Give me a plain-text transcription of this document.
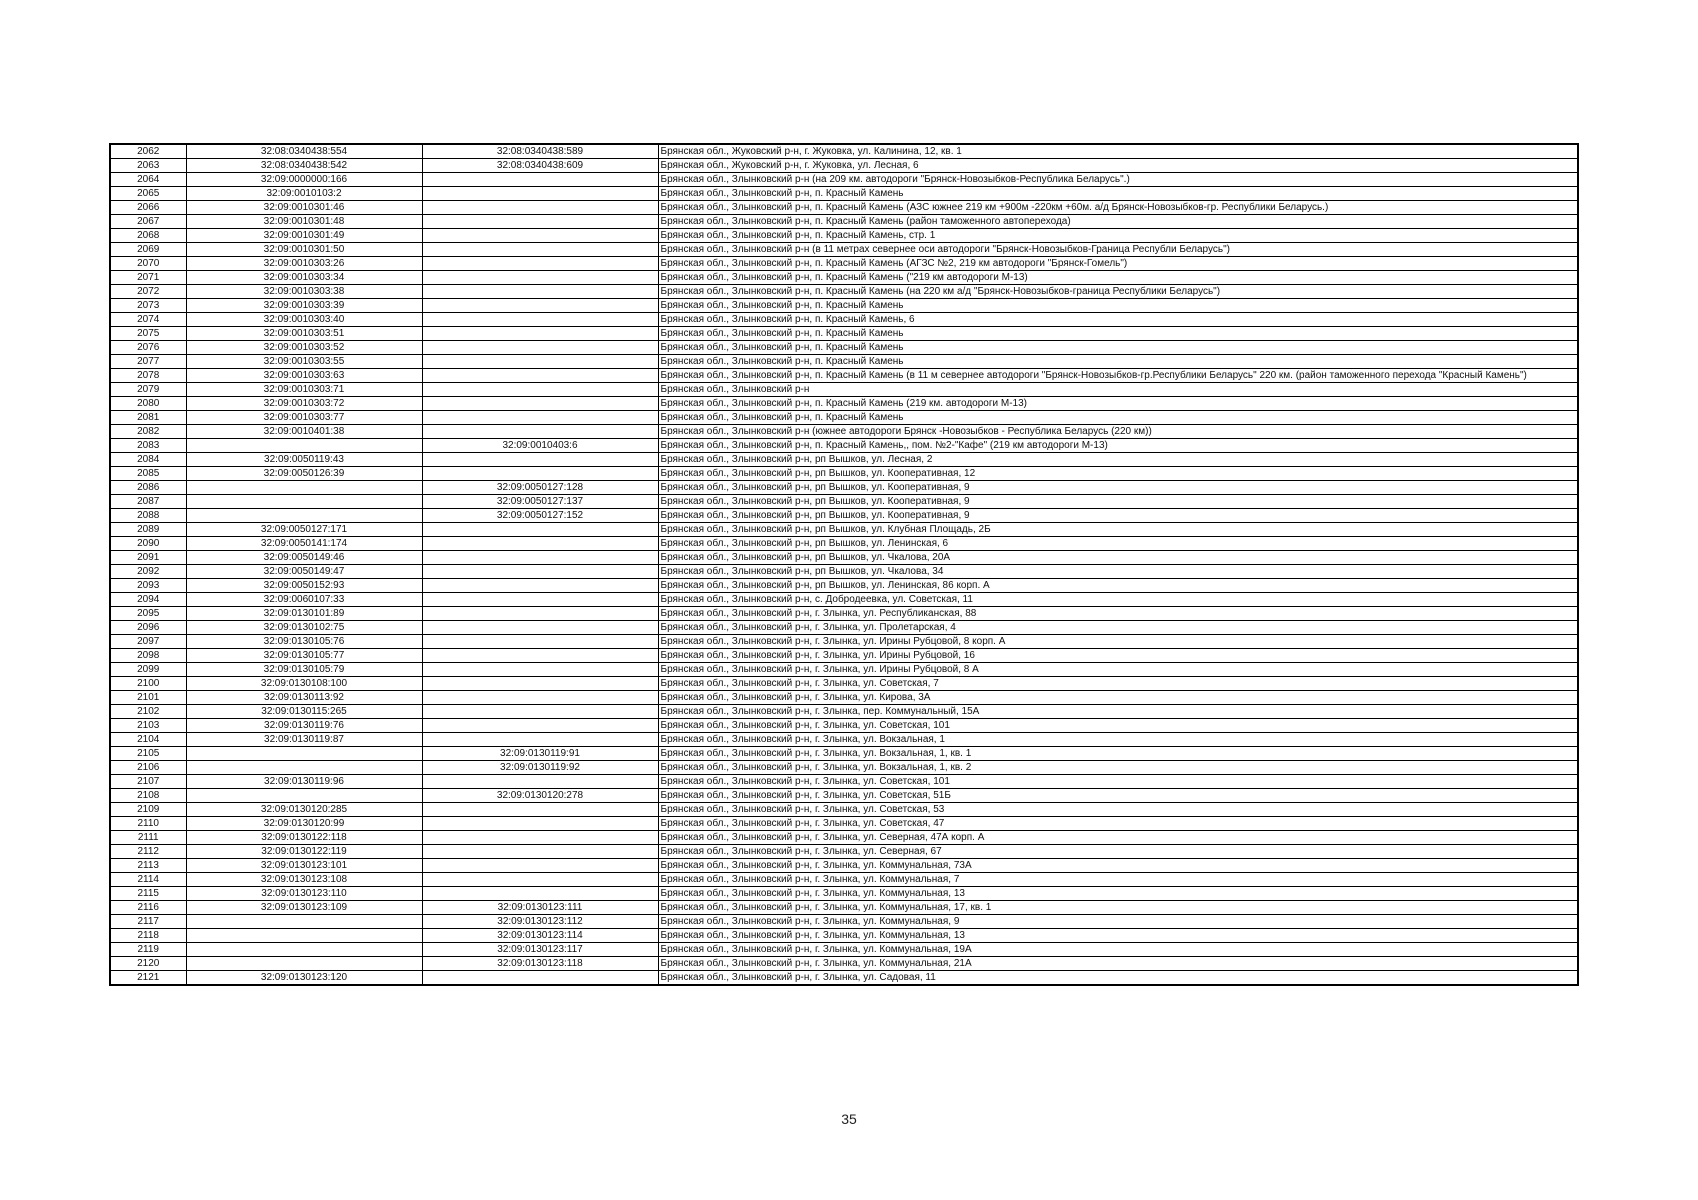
2062	32:08:0340438:554	32:08:0340438:589	Брянская обл., Жуковский р-н, г. Жуковка, ул. Калинина, 12, кв. 1
2063	32:08:0340438:542	32:08:0340438:609	Брянская обл., Жуковский р-н, г. Жуковка, ул. Лесная, 6
2064	32:09:0000000:166		Брянская обл., Злынковский р-н (на 209 км. автодороги "Брянск-Новозыбков-Республика Беларусь".)
2065	32:09:0010103:2		Брянская обл., Злынковский р-н, п. Красный Камень
2066	32:09:0010301:46		Брянская обл., Злынковский р-н, п. Красный Камень (АЗС южнее 219 км +900м -220км +60м. а/д Брянск-Новозыбков-гр. Республики Беларусь.)
2067	32:09:0010301:48		Брянская обл., Злынковский р-н, п. Красный Камень (район таможенного автоперехода)
2068	32:09:0010301:49		Брянская обл., Злынковский р-н, п. Красный Камень, стр. 1
2069	32:09:0010301:50		Брянская обл., Злынковский р-н (в 11 метрах севернее оси автодороги "Брянск-Новозыбков-Граница Республи Беларусь")
2070	32:09:0010303:26		Брянская обл., Злынковский р-н, п. Красный Камень (АГЗС №2, 219 км автодороги "Брянск-Гомель")
2071	32:09:0010303:34		Брянская обл., Злынковский р-н, п. Красный Камень ("219 км автодороги М-13)
2072	32:09:0010303:38		Брянская обл., Злынковский р-н, п. Красный Камень (на 220 км а/д "Брянск-Новозыбков-граница Республики Беларусь")
2073	32:09:0010303:39		Брянская обл., Злынковский р-н, п. Красный Камень
2074	32:09:0010303:40		Брянская обл., Злынковский р-н, п. Красный Камень, 6
2075	32:09:0010303:51		Брянская обл., Злынковский р-н, п. Красный Камень
2076	32:09:0010303:52		Брянская обл., Злынковский р-н, п. Красный Камень
2077	32:09:0010303:55		Брянская обл., Злынковский р-н, п. Красный Камень
2078	32:09:0010303:63		Брянская обл., Злынковский р-н, п. Красный Камень (в 11 м севернее автодороги "Брянск-Новозыбков-гр.Республики Беларусь" 220 км. (район таможенного перехода "Красный Камень")
2079	32:09:0010303:71		Брянская обл., Злынковский р-н
2080	32:09:0010303:72		Брянская обл., Злынковский р-н, п. Красный Камень (219 км. автодороги М-13)
2081	32:09:0010303:77		Брянская обл., Злынковский р-н, п. Красный Камень
2082	32:09:0010401:38		Брянская обл., Злынковский р-н (южнее автодороги Брянск -Новозыбков - Республика Беларусь (220 км))
2083		32:09:0010403:6	Брянская обл., Злынковский р-н, п. Красный Камень,, пом. №2-"Кафе" (219 км автодороги М-13)
2084	32:09:0050119:43		Брянская обл., Злынковский р-н, рп Вышков, ул. Лесная, 2
2085	32:09:0050126:39		Брянская обл., Злынковский р-н, рп Вышков, ул. Кооперативная, 12
2086		32:09:0050127:128	Брянская обл., Злынковский р-н, рп Вышков, ул. Кооперативная, 9
2087		32:09:0050127:137	Брянская обл., Злынковский р-н, рп Вышков, ул. Кооперативная, 9
2088		32:09:0050127:152	Брянская обл., Злынковский р-н, рп Вышков, ул. Кооперативная, 9
2089	32:09:0050127:171		Брянская обл., Злынковский р-н, рп Вышков, ул. Клубная Площадь, 2Б
2090	32:09:0050141:174		Брянская обл., Злынковский р-н, рп Вышков, ул. Ленинская, 6
2091	32:09:0050149:46		Брянская обл., Злынковский р-н, рп Вышков, ул. Чкалова, 20А
2092	32:09:0050149:47		Брянская обл., Злынковский р-н, рп Вышков, ул. Чкалова, 34
2093	32:09:0050152:93		Брянская обл., Злынковский р-н, рп Вышков, ул. Ленинская, 86 корп. А
2094	32:09:0060107:33		Брянская обл., Злынковский р-н, с. Добродеевка, ул. Советская, 11
2095	32:09:0130101:89		Брянская обл., Злынковский р-н, г. Злынка, ул. Республиканская, 88
2096	32:09:0130102:75		Брянская обл., Злынковский р-н, г. Злынка, ул. Пролетарская, 4
2097	32:09:0130105:76		Брянская обл., Злынковский р-н, г. Злынка, ул. Ирины Рубцовой, 8 корп. А
2098	32:09:0130105:77		Брянская обл., Злынковский р-н, г. Злынка, ул. Ирины Рубцовой, 16
2099	32:09:0130105:79		Брянская обл., Злынковский р-н, г. Злынка, ул. Ирины Рубцовой, 8 А
2100	32:09:0130108:100		Брянская обл., Злынковский р-н, г. Злынка, ул. Советская, 7
2101	32:09:0130113:92		Брянская обл., Злынковский р-н, г. Злынка, ул. Кирова, 3А
2102	32:09:0130115:265		Брянская обл., Злынковский р-н, г. Злынка, пер. Коммунальный, 15А
2103	32:09:0130119:76		Брянская обл., Злынковский р-н, г. Злынка, ул. Советская, 101
2104	32:09:0130119:87		Брянская обл., Злынковский р-н, г. Злынка, ул. Вокзальная, 1
2105		32:09:0130119:91	Брянская обл., Злынковский р-н, г. Злынка, ул. Вокзальная, 1, кв. 1
2106		32:09:0130119:92	Брянская обл., Злынковский р-н, г. Злынка, ул. Вокзальная, 1, кв. 2
2107	32:09:0130119:96		Брянская обл., Злынковский р-н, г. Злынка, ул. Советская, 101
2108		32:09:0130120:278	Брянская обл., Злынковский р-н, г. Злынка, ул. Советская, 51Б
2109	32:09:0130120:285		Брянская обл., Злынковский р-н, г. Злынка, ул. Советская, 53
2110	32:09:0130120:99		Брянская обл., Злынковский р-н, г. Злынка, ул. Советская, 47
2111	32:09:0130122:118		Брянская обл., Злынковский р-н, г. Злынка, ул. Северная, 47А корп. А
2112	32:09:0130122:119		Брянская обл., Злынковский р-н, г. Злынка, ул. Северная, 67
2113	32:09:0130123:101		Брянская обл., Злынковский р-н, г. Злынка, ул. Коммунальная, 73А
2114	32:09:0130123:108		Брянская обл., Злынковский р-н, г. Злынка, ул. Коммунальная, 7
2115	32:09:0130123:110		Брянская обл., Злынковский р-н, г. Злынка, ул. Коммунальная, 13
2116	32:09:0130123:109	32:09:0130123:111	Брянская обл., Злынковский р-н, г. Злынка, ул. Коммунальная, 17, кв. 1
2117		32:09:0130123:112	Брянская обл., Злынковский р-н, г. Злынка, ул. Коммунальная, 9
2118		32:09:0130123:114	Брянская обл., Злынковский р-н, г. Злынка, ул. Коммунальная, 13
2119		32:09:0130123:117	Брянская обл., Злынковский р-н, г. Злынка, ул. Коммунальная, 19А
2120		32:09:0130123:118	Брянская обл., Злынковский р-н, г. Злынка, ул. Коммунальная, 21А
2121	32:09:0130123:120		Брянская обл., Злынковский р-н, г. Злынка, ул. Садовая, 11
35
